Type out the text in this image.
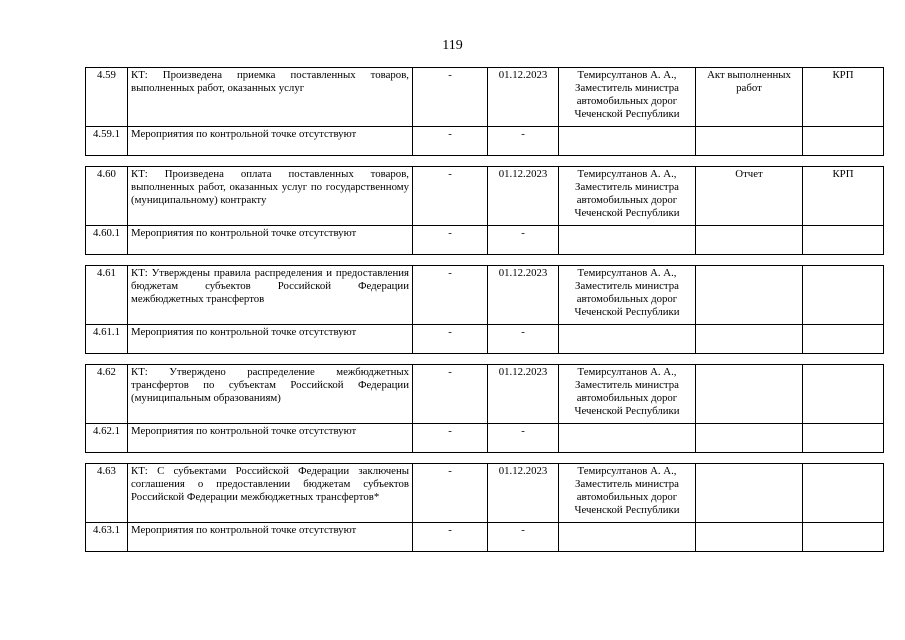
119
4.59	КТ: Произведена приемка поставленных товаров, выполненных работ, оказанных услуг	-	01.12.2023	Темирсултанов А. А., Заместитель министра автомобильных дорог Чеченской Республики	Акт выполненных работ	КРП
4.59.1	Мероприятия по контрольной точке отсутствуют	-	-			

4.60	КТ: Произведена оплата поставленных товаров, выполненных работ, оказанных услуг по государственному (муниципальному) контракту	-	01.12.2023	Темирсултанов А. А., Заместитель министра автомобильных дорог Чеченской Республики	Отчет	КРП
4.60.1	Мероприятия по контрольной точке отсутствуют	-	-			

4.61	КТ: Утверждены правила распределения и предоставления бюджетам субъектов Российской Федерации межбюджетных трансфертов	-	01.12.2023	Темирсултанов А. А., Заместитель министра автомобильных дорог Чеченской Республики		
4.61.1	Мероприятия по контрольной точке отсутствуют	-	-			

4.62	КТ: Утверждено распределение межбюджетных трансфертов по субъектам Российской Федерации (муниципальным образованиям)	-	01.12.2023	Темирсултанов А. А., Заместитель министра автомобильных дорог Чеченской Республики		
4.62.1	Мероприятия по контрольной точке отсутствуют	-	-			

4.63	КТ: С субъектами Российской Федерации заключены соглашения о предоставлении бюджетам субъектов Российской Федерации межбюджетных трансфертов*	-	01.12.2023	Темирсултанов А. А., Заместитель министра автомобильных дорог Чеченской Республики		
4.63.1	Мероприятия по контрольной точке отсутствуют	-	-			
